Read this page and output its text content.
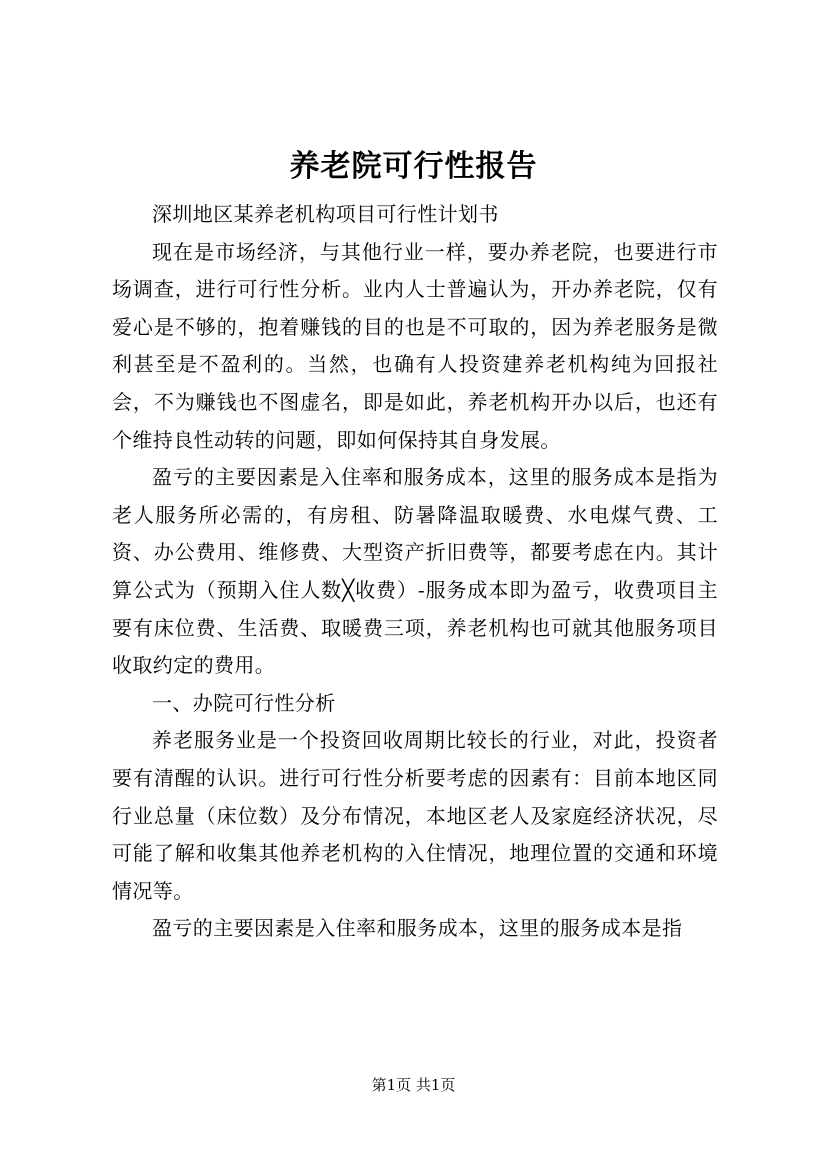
养老院可行性报告

深圳地区某养老机构项目可行性计划书

现在是市场经济，与其他行业一样，要办养老院，也要进行市场调查，进行可行性分析。业内人士普遍认为，开办养老院，仅有爱心是不够的，抱着赚钱的目的也是不可取的，因为养老服务是微利甚至是不盈利的。当然，也确有人投资建养老机构纯为回报社会，不为赚钱也不图虚名，即是如此，养老机构开办以后，也还有个维持良性动转的问题，即如何保持其自身发展。

盈亏的主要因素是入住率和服务成本，这里的服务成本是指为老人服务所必需的，有房租、防暑降温取暖费、水电煤气费、工资、办公费用、维修费、大型资产折旧费等，都要考虑在内。其计算公式为（预期入住人数╳收费）-服务成本即为盈亏，收费项目主要有床位费、生活费、取暖费三项，养老机构也可就其他服务项目收取约定的费用。

一、办院可行性分析

养老服务业是一个投资回收周期比较长的行业，对此，投资者要有清醒的认识。进行可行性分析要考虑的因素有：目前本地区同行业总量（床位数）及分布情况，本地区老人及家庭经济状况，尽可能了解和收集其他养老机构的入住情况，地理位置的交通和环境情况等。

盈亏的主要因素是入住率和服务成本，这里的服务成本是指

第1页 共1页
